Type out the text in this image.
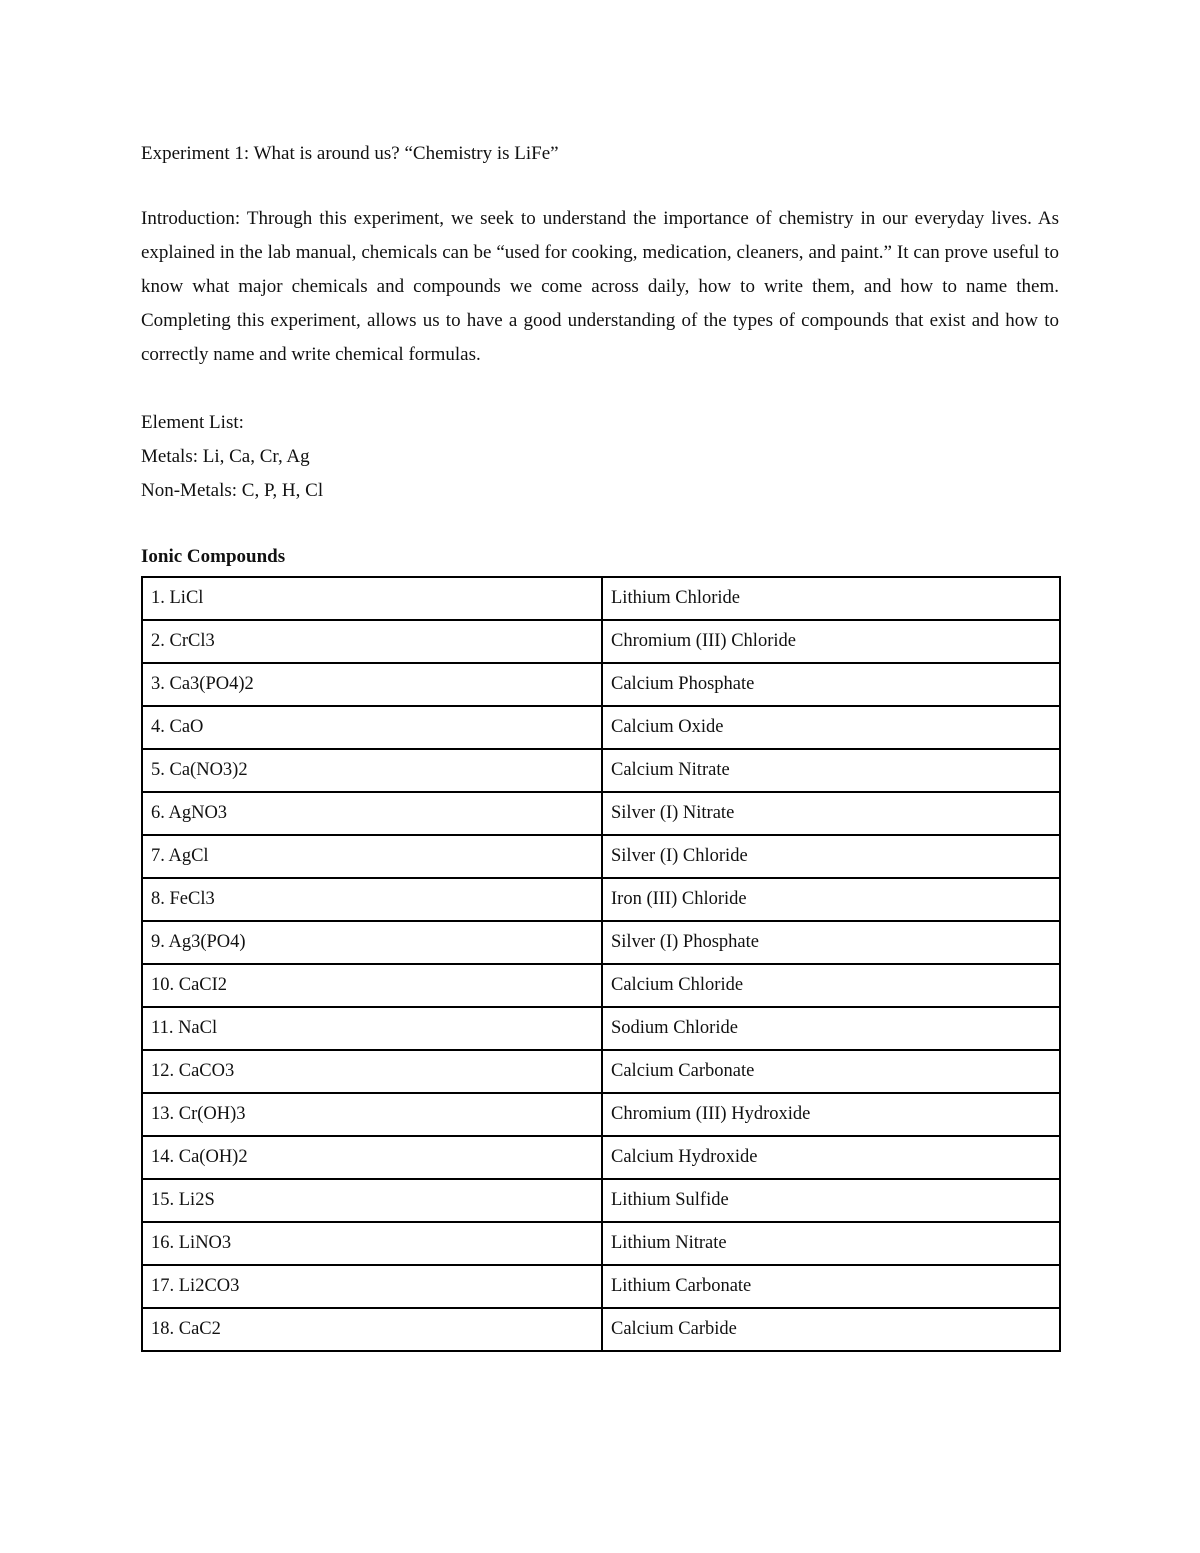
Experiment 1: What is around us? “Chemistry is LiFe”

Introduction: Through this experiment, we seek to understand the importance of chemistry in our everyday lives. As explained in the lab manual, chemicals can be “used for cooking, medication, cleaners, and paint.” It can prove useful to know what major chemicals and compounds we come across daily, how to write them, and how to name them. Completing this experiment, allows us to have a good understanding of the types of compounds that exist and how to correctly name and write chemical formulas.

Element List:
Metals: Li, Ca, Cr, Ag
Non-Metals: C, P, H, Cl
Ionic Compounds
1. LiCl	Lithium Chloride
2. CrCl3	Chromium (III) Chloride
3. Ca3(PO4)2	Calcium Phosphate
4. CaO	Calcium Oxide
5. Ca(NO3)2	Calcium Nitrate
6. AgNO3	Silver (I) Nitrate
7. AgCl	Silver (I) Chloride
8. FeCl3	Iron (III) Chloride
9. Ag3(PO4)	Silver (I) Phosphate
10. CaCI2	Calcium Chloride
11. NaCl	Sodium Chloride
12. CaCO3	Calcium Carbonate
13. Cr(OH)3	Chromium (III) Hydroxide
14. Ca(OH)2	Calcium Hydroxide
15. Li2S	Lithium Sulfide
16. LiNO3	Lithium Nitrate
17. Li2CO3	Lithium Carbonate
18. CaC2	Calcium Carbide
